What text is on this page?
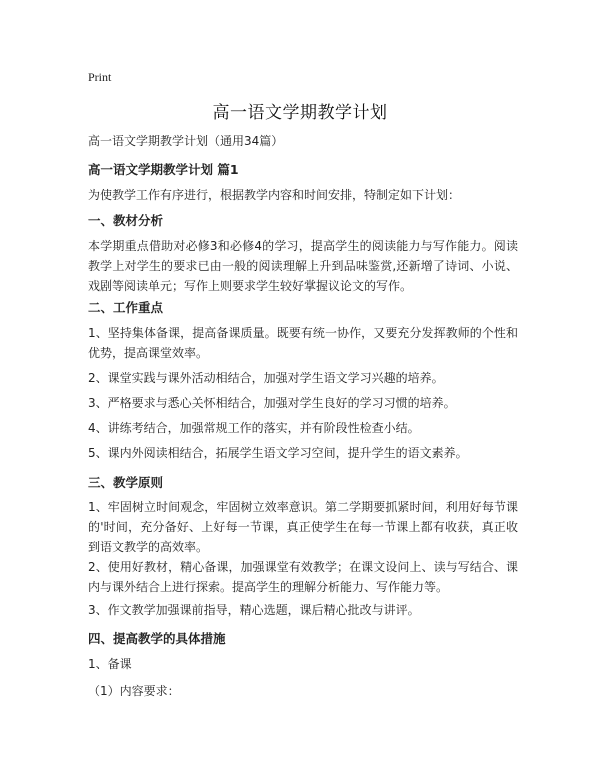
Print
高一语文学期教学计划
高一语文学期教学计划（通用34篇）
高一语文学期教学计划 篇1
为使教学工作有序进行，根据教学内容和时间安排，特制定如下计划：
一、教材分析
本学期重点借助对必修3和必修4的学习，提高学生的阅读能力与写作能力。阅读教学上对学生的要求已由一般的阅读理解上升到品味鉴赏,还新增了诗词、小说、戏剧等阅读单元；写作上则要求学生较好掌握议论文的写作。
二、工作重点
1、坚持集体备课，提高备课质量。既要有统一协作，又要充分发挥教师的个性和优势，提高课堂效率。
2、课堂实践与课外活动相结合，加强对学生语文学习兴趣的培养。
3、严格要求与悉心关怀相结合，加强对学生良好的学习习惯的培养。
4、讲练考结合，加强常规工作的落实，并有阶段性检查小结。
5、课内外阅读相结合，拓展学生语文学习空间，提升学生的语文素养。
三、教学原则
1、牢固树立时间观念，牢固树立效率意识。第二学期要抓紧时间，利用好每节课的'时间，充分备好、上好每一节课，真正使学生在每一节课上都有收获，真正收到语文教学的高效率。
2、使用好教材，精心备课，加强课堂有效教学；在课文设问上、读与写结合、课内与课外结合上进行探索。提高学生的理解分析能力、写作能力等。
3、作文教学加强课前指导，精心选题，课后精心批改与讲评。
四、提高教学的具体措施
1、备课
（1）内容要求：
